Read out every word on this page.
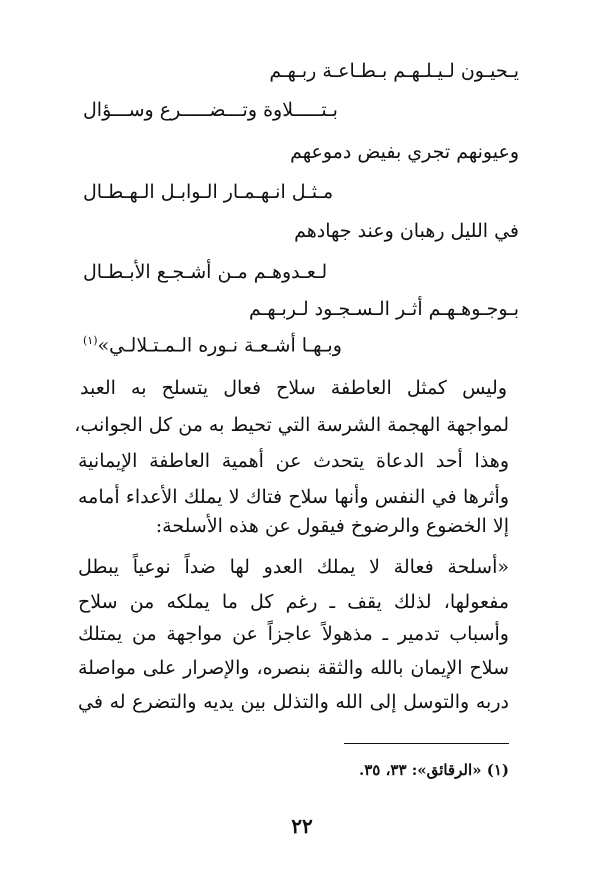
يـحيـون لـيـلـهـم بـطـاعـة ربـهـم
بـتـــــلاوة وتـــضـــــرع وســـؤال
وعيونهم تجري بفيض دموعهم
مـثـل انـهـمـار الـوابـل الـهـطـال
في الليل رهبان وعند جهادهم
لـعـدوهـم مـن أشـجـع الأبـطـال
بـوجـوهـهـم أثـر الـسـجـود لـربـهـم
وبـهـا أشـعـة نـوره الـمـتـلالـي»$^{(١)}$
وليس كمثل العاطفة سلاح فعال يتسلح به العبد
لمواجهة الهجمة الشرسة التي تحيط به من كل الجوانب،
وهذا أحد الدعاة يتحدث عن أهمية العاطفة الإيمانية
وأثرها في النفس وأنها سلاح فتاك لا يملك الأعداء أمامه
إلا الخضوع والرضوخ فيقول عن هذه الأسلحة:
«أسلحة فعالة لا يملك العدو لها ضداً نوعياً يبطل
مفعولها، لذلك يقف ـ رغم كل ما يملكه من سلاح
وأسباب تدمير ـ مذهولاً عاجزاً عن مواجهة من يمتلك
سلاح الإيمان بالله والثقة بنصره، والإصرار على مواصلة
دربه والتوسل إلى الله والتذلل بين يديه والتضرع له في
(١) «الرقائق»: ٣٣، ٣٥.
٢٢
